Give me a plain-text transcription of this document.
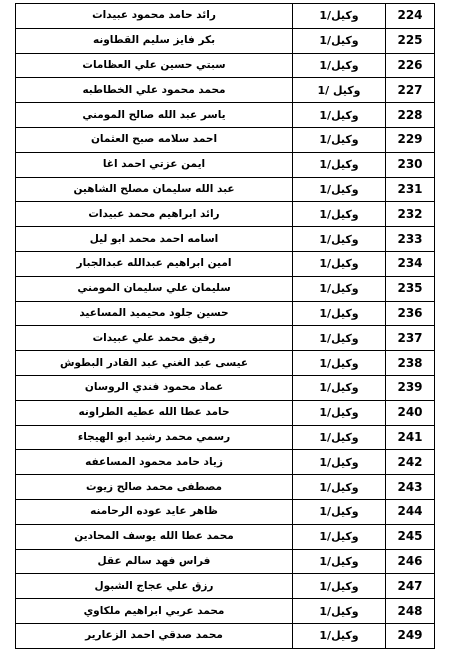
224	وكيل/1	رائد حامد محمود عبيدات
225	وكيل/1	بكر فايز سليم القطاونه
226	وكيل/1	سبتي حسين علي العظامات
227	وكيل /1	محمد محمود علي الخطاطبه
228	وكيل/1	ياسر عبد الله صالح المومني
229	وكيل/1	احمد سلامه صبح العثمان
230	وكيل/1	ايمن عزتي احمد اغا
231	وكيل/1	عبد الله سليمان مصلح الشاهين
232	وكيل/1	رائد ابراهيم محمد عبيدات
233	وكيل/1	اسامه احمد محمد ابو ليل
234	وكيل/1	امين ابراهيم عبدالله عبدالجبار
235	وكيل/1	سليمان علي سليمان المومني
236	وكيل/1	حسين جلود محيميد المساعيد
237	وكيل/1	رفيق محمد علي عبيدات
238	وكيل/1	عيسى عبد الغني عبد القادر البطوش
239	وكيل/1	عماد محمود فندي الروسان
240	وكيل/1	حامد عطا الله عطيه الطراونه
241	وكيل/1	رسمي محمد رشيد ابو الهيجاء
242	وكيل/1	زياد حامد محمود المساعفه
243	وكيل/1	مصطفى محمد صالح زيوت
244	وكيل/1	ظاهر عايد عوده الرحامنه
245	وكيل/1	محمد عطا الله يوسف المحادين
246	وكيل/1	فراس فهد سالم عقل
247	وكيل/1	رزق علي عجاج الشبول
248	وكيل/1	محمد عربي ابراهيم ملكاوي
249	وكيل/1	محمد صدقي احمد الزعارير
